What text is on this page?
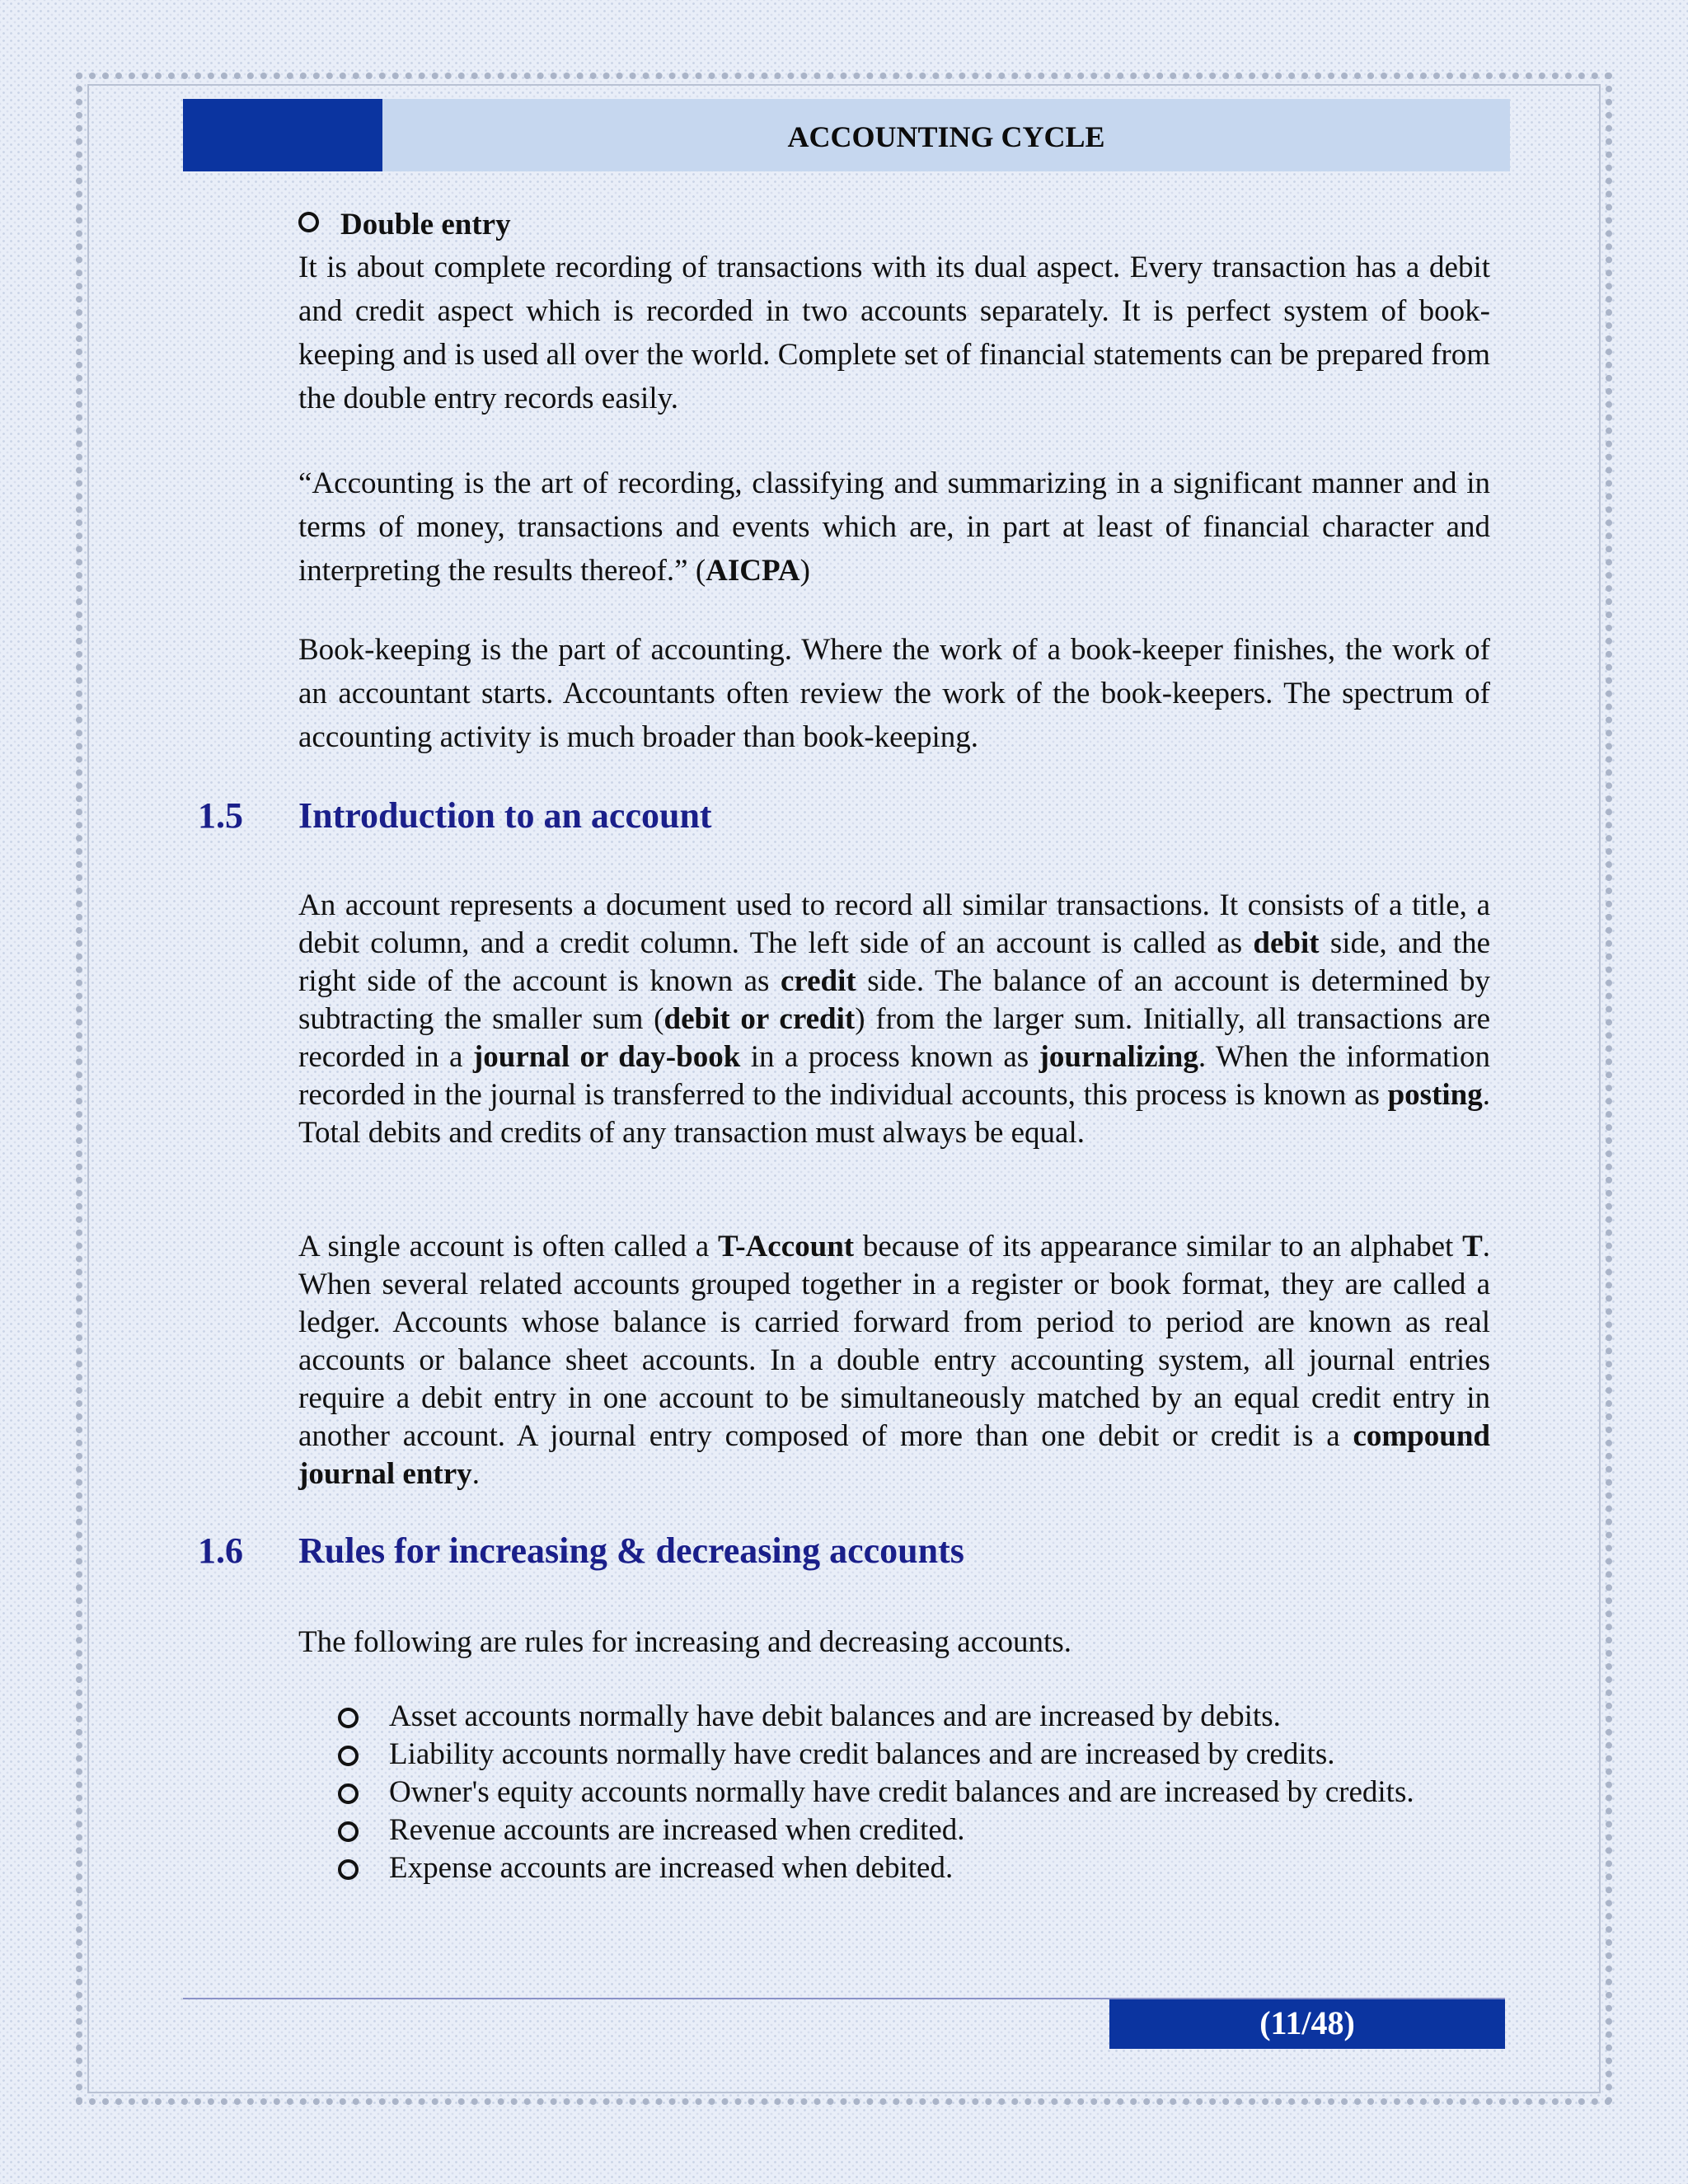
ACCOUNTING CYCLE
Double entry
It is about complete recording of transactions with its dual aspect. Every transaction has a debit and credit aspect which is recorded in two accounts separately. It is perfect system of book-keeping and is used all over the world. Complete set of financial statements can be prepared from the double entry records easily.
“Accounting is the art of recording, classifying and summarizing in a significant manner and in terms of money, transactions and events which are, in part at least of financial character and interpreting the results thereof.” (AICPA)
Book-keeping is the part of accounting. Where the work of a book-keeper finishes, the work of an accountant starts. Accountants often review the work of the book-keepers. The spectrum of accounting activity is much broader than book-keeping.
1.5 Introduction to an account
An account represents a document used to record all similar transactions. It consists of a title, a debit column, and a credit column. The left side of an account is called as debit side, and the right side of the account is known as credit side. The balance of an account is determined by subtracting the smaller sum (debit or credit) from the larger sum. Initially, all transactions are recorded in a journal or day-book in a process known as journalizing. When the information recorded in the journal is transferred to the individual accounts, this process is known as posting. Total debits and credits of any transaction must always be equal.
A single account is often called a T-Account because of its appearance similar to an alphabet T. When several related accounts grouped together in a register or book format, they are called a ledger. Accounts whose balance is carried forward from period to period are known as real accounts or balance sheet accounts. In a double entry accounting system, all journal entries require a debit entry in one account to be simultaneously matched by an equal credit entry in another account. A journal entry composed of more than one debit or credit is a compound journal entry.
1.6 Rules for increasing & decreasing accounts
The following are rules for increasing and decreasing accounts.
Asset accounts normally have debit balances and are increased by debits.
Liability accounts normally have credit balances and are increased by credits.
Owner's equity accounts normally have credit balances and are increased by credits.
Revenue accounts are increased when credited.
Expense accounts are increased when debited.
(11/48)
